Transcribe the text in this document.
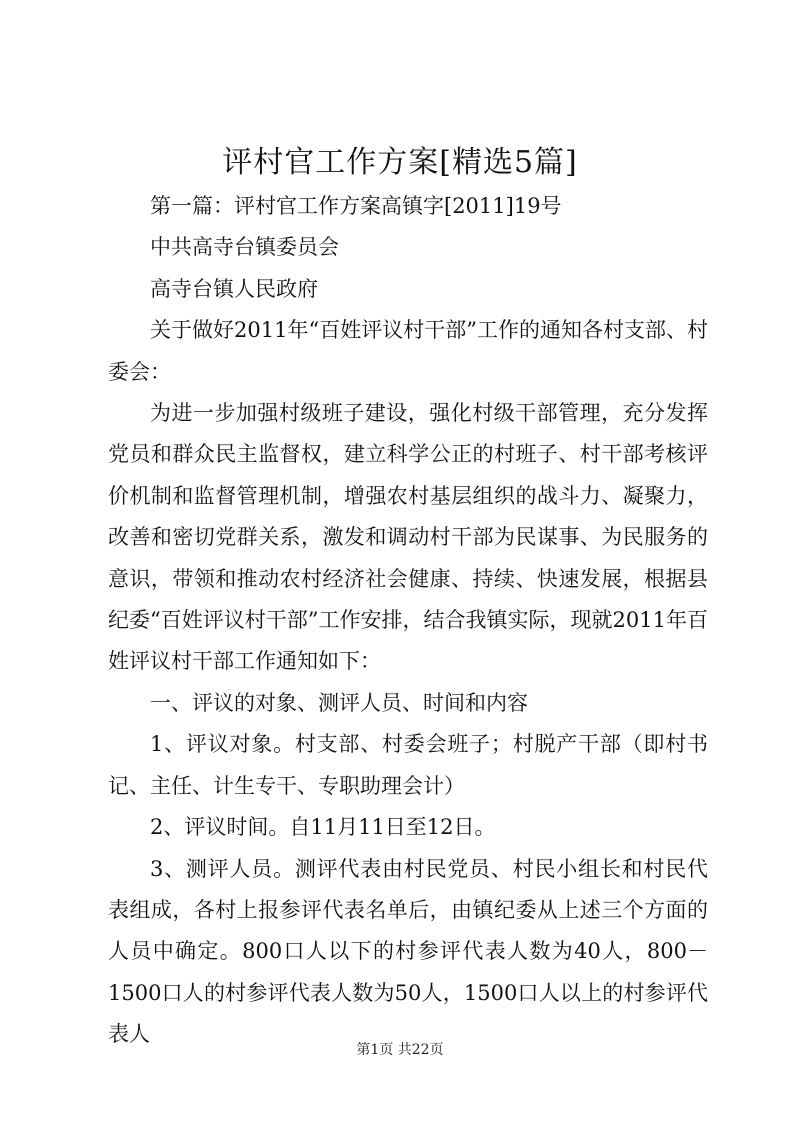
评村官工作方案[精选5篇]

第一篇：评村官工作方案高镇字[2011]19号

中共高寺台镇委员会

高寺台镇人民政府

关于做好2011年“百姓评议村干部”工作的通知各村支部、村委会：

为进一步加强村级班子建设，强化村级干部管理，充分发挥党员和群众民主监督权，建立科学公正的村班子、村干部考核评价机制和监督管理机制，增强农村基层组织的战斗力、凝聚力，改善和密切党群关系，激发和调动村干部为民谋事、为民服务的意识，带领和推动农村经济社会健康、持续、快速发展，根据县纪委“百姓评议村干部”工作安排，结合我镇实际，现就2011年百姓评议村干部工作通知如下：

一、评议的对象、测评人员、时间和内容

1、评议对象。村支部、村委会班子；村脱产干部（即村书记、主任、计生专干、专职助理会计）

2、评议时间。自11月11日至12日。

3、测评人员。测评代表由村民党员、村民小组长和村民代表组成，各村上报参评代表名单后，由镇纪委从上述三个方面的人员中确定。800口人以下的村参评代表人数为40人，800－1500口人的村参评代表人数为50人，1500口人以上的村参评代表人

第1页 共22页
